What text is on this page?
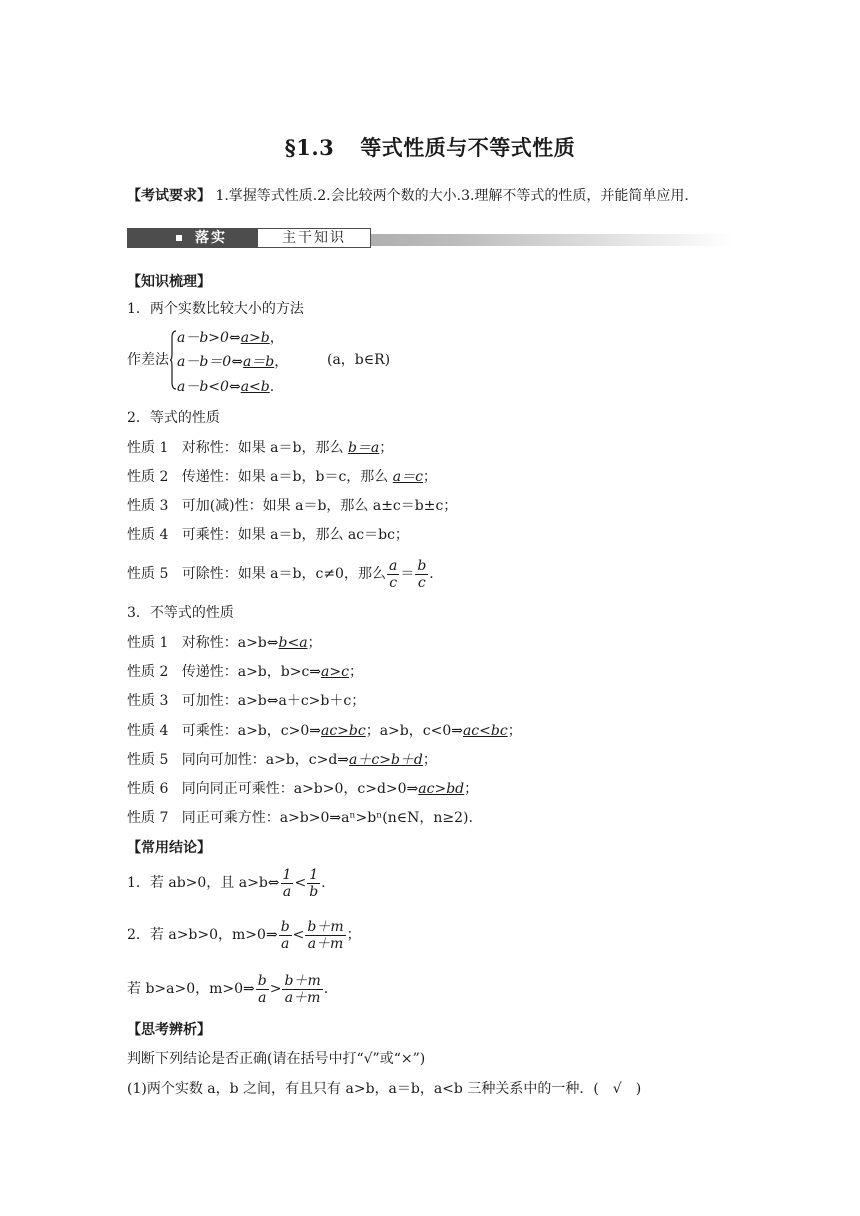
§1.3 等式性质与不等式性质
【考试要求】 1.掌握等式性质.2.会比较两个数的大小.3.理解不等式的性质，并能简单应用.
落实	主干知识
【知识梳理】
1．两个实数比较大小的方法
作差法
a－b>0⇔a>b，
a－b＝0⇔a＝b，
a－b<0⇔a<b.
(a，b∈R)
2．等式的性质
性质 1 对称性：如果 a＝b，那么 b＝a；
性质 2 传递性：如果 a＝b，b＝c，那么 a＝c；
性质 3 可加(减)性：如果 a＝b，那么 a±c＝b±c；
性质 4 可乘性：如果 a＝b，那么 ac＝bc；
性质 5 可除性：如果 a＝b，c≠0，那么 $\frac{a}{c} = \frac{b}{c}$ .
3．不等式的性质
性质 1 对称性：a>b⇔b<a；
性质 2 传递性：a>b，b>c⇒a>c；
性质 3 可加性：a>b⇔a＋c>b＋c；
性质 4 可乘性：a>b，c>0⇒ac>bc；a>b，c<0⇒ac<bc；
性质 5 同向可加性：a>b，c>d⇒a＋c>b＋d；
性质 6 同向同正可乘性：a>b>0，c>d>0⇒ac>bd；
性质 7 同正可乘方性：a>b>0⇒aⁿ>bⁿ(n∈N，n≥2).
【常用结论】
1．若 ab>0，且 a>b⇔ $\frac{1}{a} < \frac{1}{b}$ .
2．若 a>b>0，m>0⇒ $\frac{b}{a} < \frac{b+m}{a+m}$ ；
若 b>a>0，m>0⇒ $\frac{b}{a} > \frac{b+m}{a+m}$ .
【思考辨析】
判断下列结论是否正确(请在括号中打“√”或“×”)
(1)两个实数 a，b 之间，有且只有 a>b，a＝b，a<b 三种关系中的一种．(　√　)
